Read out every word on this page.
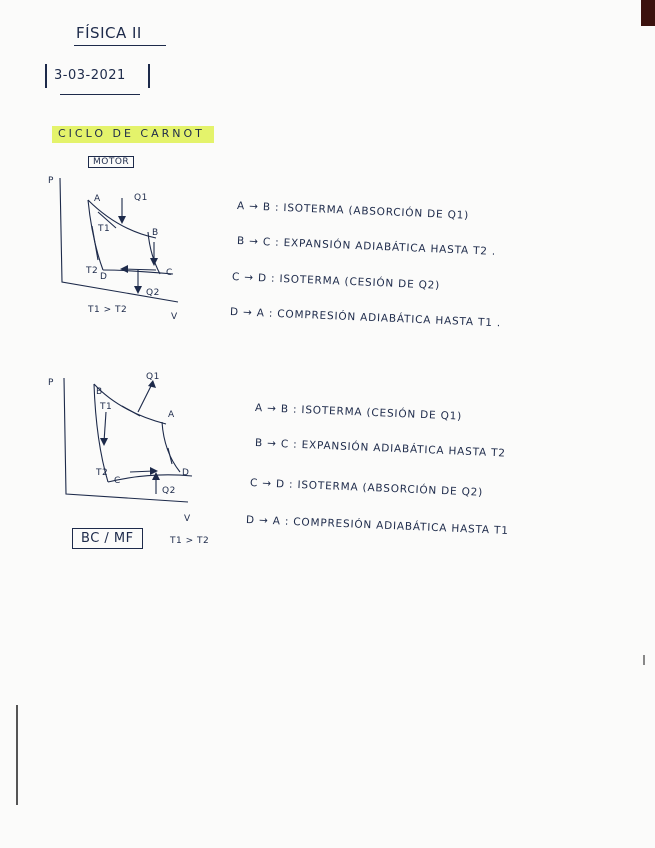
FÍSICA II
3-03-2021
CICLO DE CARNOT
MOTOR
P
A	Q1
B
T1
T2
D	C
Q2
T1 > T2
V
A → B : ISOTERMA (ABSORCIÓN DE Q1)
B → C : EXPANSIÓN ADIABÁTICA HASTA T2 .
C → D : ISOTERMA (CESIÓN DE Q2)
D → A : COMPRESIÓN ADIABÁTICA HASTA T1 .
P
Q1
B
T1
A
T2
C
D
Q2
V
BC / MF	T1 > T2
A → B : ISOTERMA (CESIÓN DE Q1)
B → C : EXPANSIÓN ADIABÁTICA HASTA T2
C → D : ISOTERMA (ABSORCIÓN DE Q2)
D → A : COMPRESIÓN ADIABÁTICA HASTA T1
